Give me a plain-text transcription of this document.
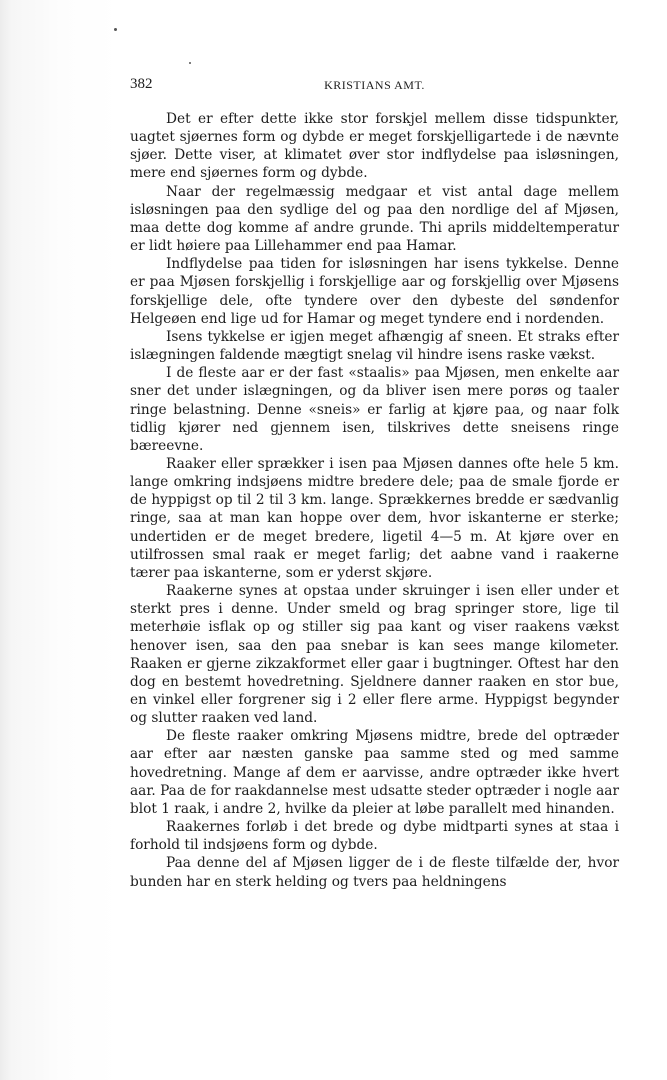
382	KRISTIANS AMT.

Det er efter dette ikke stor forskjel mellem disse tidspunkter, uagtet sjøernes form og dybde er meget forskjelligartede i de nævnte sjøer. Dette viser, at klimatet øver stor indflydelse paa isløsningen, mere end sjøernes form og dybde.

Naar der regelmæssig medgaar et vist antal dage mellem isløsningen paa den sydlige del og paa den nordlige del af Mjøsen, maa dette dog komme af andre grunde. Thi aprils middeltemperatur er lidt høiere paa Lillehammer end paa Hamar.

Indflydelse paa tiden for isløsningen har isens tykkelse. Denne er paa Mjøsen forskjellig i forskjellige aar og forskjellig over Mjøsens forskjellige dele, ofte tyndere over den dybeste del søndenfor Helgeøen end lige ud for Hamar og meget tyndere end i nordenden.

Isens tykkelse er igjen meget afhængig af sneen. Et straks efter islægningen faldende mægtigt snelag vil hindre isens raske vækst.

I de fleste aar er der fast «staalis» paa Mjøsen, men enkelte aar sner det under islægningen, og da bliver isen mere porøs og taaler ringe belastning. Denne «sneis» er farlig at kjøre paa, og naar folk tidlig kjører ned gjennem isen, tilskrives dette sneisens ringe bæreevne.

Raaker eller sprækker i isen paa Mjøsen dannes ofte hele 5 km. lange omkring indsjøens midtre bredere dele; paa de smale fjorde er de hyppigst op til 2 til 3 km. lange. Sprækkernes bredde er sædvanlig ringe, saa at man kan hoppe over dem, hvor iskanterne er sterke; undertiden er de meget bredere, ligetil 4—5 m. At kjøre over en utilfrossen smal raak er meget farlig; det aabne vand i raakerne tærer paa iskanterne, som er yderst skjøre.

Raakerne synes at opstaa under skruinger i isen eller under et sterkt pres i denne. Under smeld og brag springer store, lige til meterhøie isflak op og stiller sig paa kant og viser raakens vækst henover isen, saa den paa snebar is kan sees mange kilometer. Raaken er gjerne zikzakformet eller gaar i bugtninger. Oftest har den dog en bestemt hovedretning. Sjeldnere danner raaken en stor bue, en vinkel eller forgrener sig i 2 eller flere arme. Hyppigst begynder og slutter raaken ved land.

De fleste raaker omkring Mjøsens midtre, brede del optræder aar efter aar næsten ganske paa samme sted og med samme hovedretning. Mange af dem er aarvisse, andre optræder ikke hvert aar. Paa de for raakdannelse mest udsatte steder optræder i nogle aar blot 1 raak, i andre 2, hvilke da pleier at løbe parallelt med hinanden.

Raakernes forløb i det brede og dybe midtparti synes at staa i forhold til indsjøens form og dybde.

Paa denne del af Mjøsen ligger de i de fleste tilfælde der, hvor bunden har en sterk helding og tvers paa heldningens
